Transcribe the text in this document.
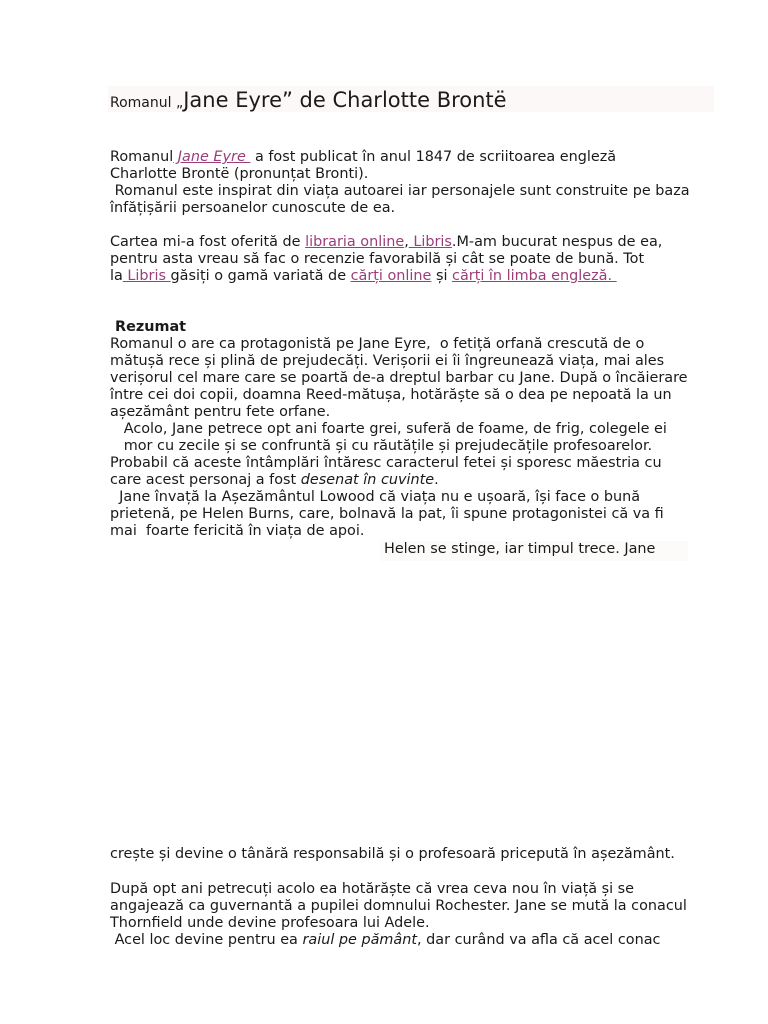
Romanul „Jane Eyre” de Charlotte Brontë
Romanul Jane Eyre  a fost publicat în anul 1847 de scriitoarea engleză
Charlotte Brontë (pronunțat Bronti).
Romanul este inspirat din viața autoarei iar personajele sunt construite pe baza
înfățișării persoanelor cunoscute de ea.
Cartea mi-a fost oferită de libraria online, Libris.M-am bucurat nespus de ea,
pentru asta vreau să fac o recenzie favorabilă și cât se poate de bună. Tot
la Libris găsiți o gamă variată de cărți online și cărți în limba engleză.
Rezumat
Romanul o are ca protagonistă pe Jane Eyre,  o fetiță orfană crescută de o
mătușă rece și plină de prejudecăți. Verișorii ei îi îngreunează viața, mai ales
verișorul cel mare care se poartă de-a dreptul barbar cu Jane. După o încăierare
între cei doi copii, doamna Reed-mătușa, hotărăște să o dea pe nepoată la un
așezământ pentru fete orfane.
Acolo, Jane petrece opt ani foarte grei, suferă de foame, de frig, colegele ei
mor cu zecile și se confruntă și cu răutățile și prejudecățile profesoarelor.
Probabil că aceste întâmplări întăresc caracterul fetei și sporesc măestria cu
care acest personaj a fost desenat în cuvinte.
Jane învață la Așezământul Lowood că viața nu e ușoară, își face o bună
prietenă, pe Helen Burns, care, bolnavă la pat, îi spune protagonistei că va fi
mai  foarte fericită în viața de apoi.
Helen se stinge, iar timpul trece. Jane
crește și devine o tânără responsabilă și o profesoară pricepută în așezământ.
După opt ani petrecuți acolo ea hotărăște că vrea ceva nou în viață și se
angajează ca guvernantă a pupilei domnului Rochester. Jane se mută la conacul
Thornfield unde devine profesoara lui Adele.
Acel loc devine pentru ea raiul pe pământ, dar curând va afla că acel conac
